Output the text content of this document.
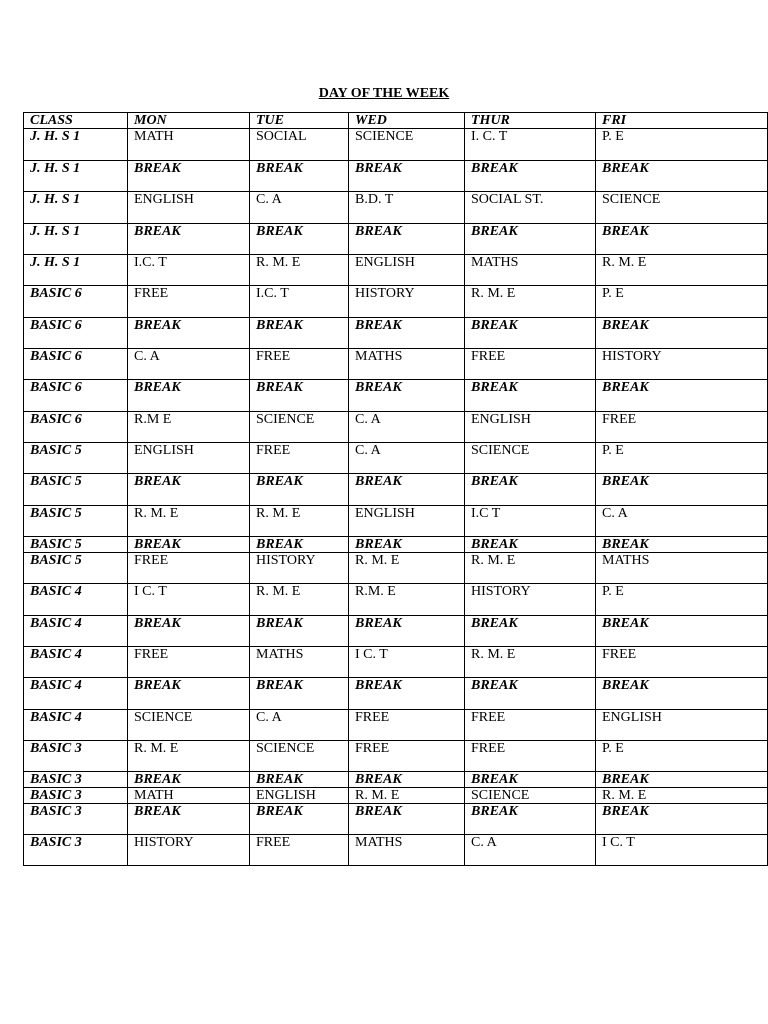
DAY OF THE WEEK
CLASS	MON	TUE	WED	THUR	FRI
J. H. S 1	MATH	SOCIAL	SCIENCE	I. C. T	P. E
J. H. S 1	BREAK	BREAK	BREAK	BREAK	BREAK
J. H. S 1	ENGLISH	C. A	B.D. T	SOCIAL ST.	SCIENCE
J. H. S 1	BREAK	BREAK	BREAK	BREAK	BREAK
J. H. S 1	I.C. T	R. M. E	ENGLISH	MATHS	R. M. E
BASIC 6	FREE	I.C. T	HISTORY	R. M. E	P. E
BASIC 6	BREAK	BREAK	BREAK	BREAK	BREAK
BASIC 6	C. A	FREE	MATHS	FREE	HISTORY
BASIC 6	BREAK	BREAK	BREAK	BREAK	BREAK
BASIC 6	R.M E	SCIENCE	C. A	ENGLISH	FREE
BASIC 5	ENGLISH	FREE	C. A	SCIENCE	P. E
BASIC 5	BREAK	BREAK	BREAK	BREAK	BREAK
BASIC 5	R. M. E	R. M. E	ENGLISH	I.C T	C. A
BASIC 5	BREAK	BREAK	BREAK	BREAK	BREAK
BASIC 5	FREE	HISTORY	R. M. E	R. M. E	MATHS
BASIC 4	I C. T	R. M. E	R.M. E	HISTORY	P. E
BASIC 4	BREAK	BREAK	BREAK	BREAK	BREAK
BASIC 4	FREE	MATHS	I C. T	R. M. E	FREE
BASIC 4	BREAK	BREAK	BREAK	BREAK	BREAK
BASIC 4	SCIENCE	C. A	FREE	FREE	ENGLISH
BASIC 3	R. M. E	SCIENCE	FREE	FREE	P. E
BASIC 3	BREAK	BREAK	BREAK	BREAK	BREAK
BASIC 3	MATH	ENGLISH	R. M. E	SCIENCE	R. M. E
BASIC 3	BREAK	BREAK	BREAK	BREAK	BREAK
BASIC 3	HISTORY	FREE	MATHS	C. A	I C. T
